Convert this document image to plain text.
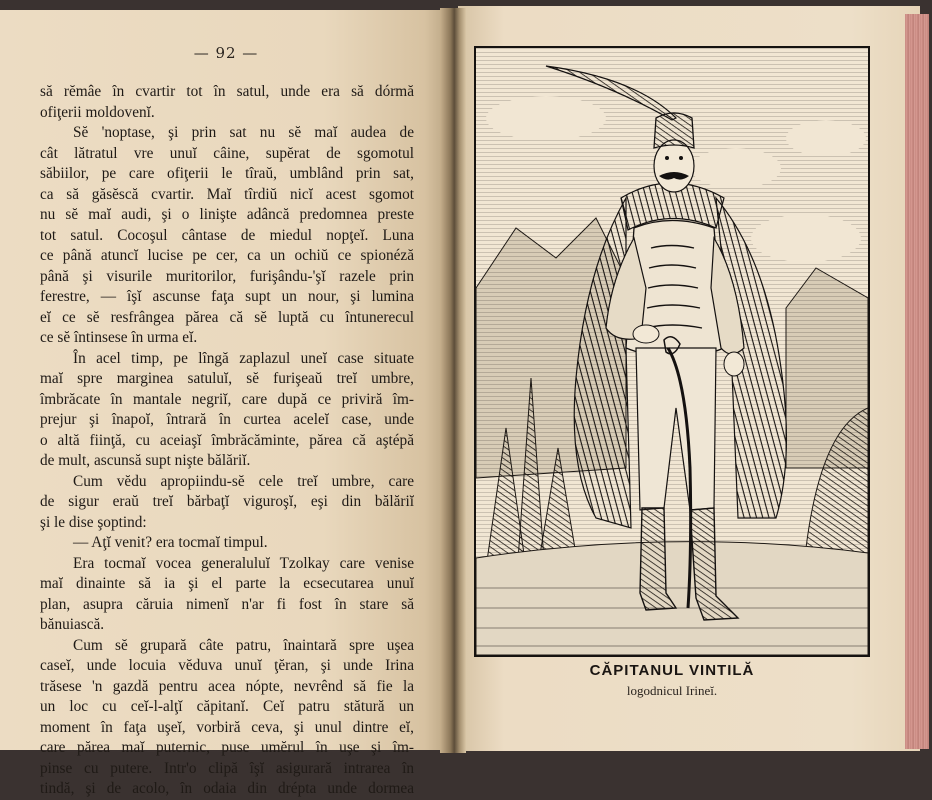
— 92 —
să rĕmâe în cvartir tot în satul, unde era să dórmă
ofiţerii moldovenĭ.
Sĕ 'noptase, şi prin sat nu sĕ maĭ audea de
cât lătratul vre unuĭ câine, supĕrat de sgomotul
săbiilor, pe care ofiţerii le tîraŭ, umblând prin sat,
ca să găsĕscă cvartir. Maĭ tîrdiŭ nicĭ acest sgomot
nu sĕ maĭ audi, şi o linişte adâncă predomnea preste
tot satul. Cocoşul cântase de miedul nopţeĭ. Luna
ce până atuncĭ lucise pe cer, ca un ochiŭ ce spionéză
până şi visurile muritorilor, furişându-'şĭ razele prin
ferestre, — îşĭ ascunse faţa supt un nour, şi lumina
eĭ ce sĕ resfrângea părea că sĕ luptă cu întunerecul
ce sĕ întinsese în urma eĭ.
În acel timp, pe lîngă zaplazul uneĭ case situate
maĭ spre marginea satuluĭ, sĕ furişeaŭ treĭ umbre,
îmbrăcate în mantale negriĭ, care după ce priviră îm-
prejur şi înapoĭ, întrară în curtea aceleĭ case, unde
o altă fiinţă, cu aceiaşĭ îmbrăcăminte, părea că aştépă
de mult, ascunsă supt nişte bălăriĭ.
Cum vĕdu apropiindu-sĕ cele treĭ umbre, care
de sigur eraŭ treĭ bărbaţĭ viguroşĭ, eşi din bălăriĭ
şi le dise şoptind:
— Aţĭ venit? era tocmaĭ timpul.
Era tocmaĭ vocea generaluluĭ Tzolkay care venise
maĭ dinainte să ia şi el parte la ecsecutarea unuĭ
plan, asupra căruia nimenĭ n'ar fi fost în stare să
bănuiască.
Cum sĕ grupară câte patru, înaintară spre uşea
caseĭ, unde locuia vĕduva unuĭ ţĕran, şi unde Irina
trăsese 'n gazdă pentru acea nópte, nevrênd să fie la
un loc cu ceĭ-l-alţĭ căpitanĭ. Ceĭ patru stătură un
moment în faţa uşeĭ, vorbiră ceva, şi unul dintre eĭ,
care părea maĭ puternic, puse umĕrul în uşe şi îm-
pinse cu putere. Intr'o clipă îşĭ asigurară intrarea în
tindă, şi de acolo, în odaia din drépta unde dormea
CĂPITANUL VINTILĂ
logodnicul Irineĭ.
